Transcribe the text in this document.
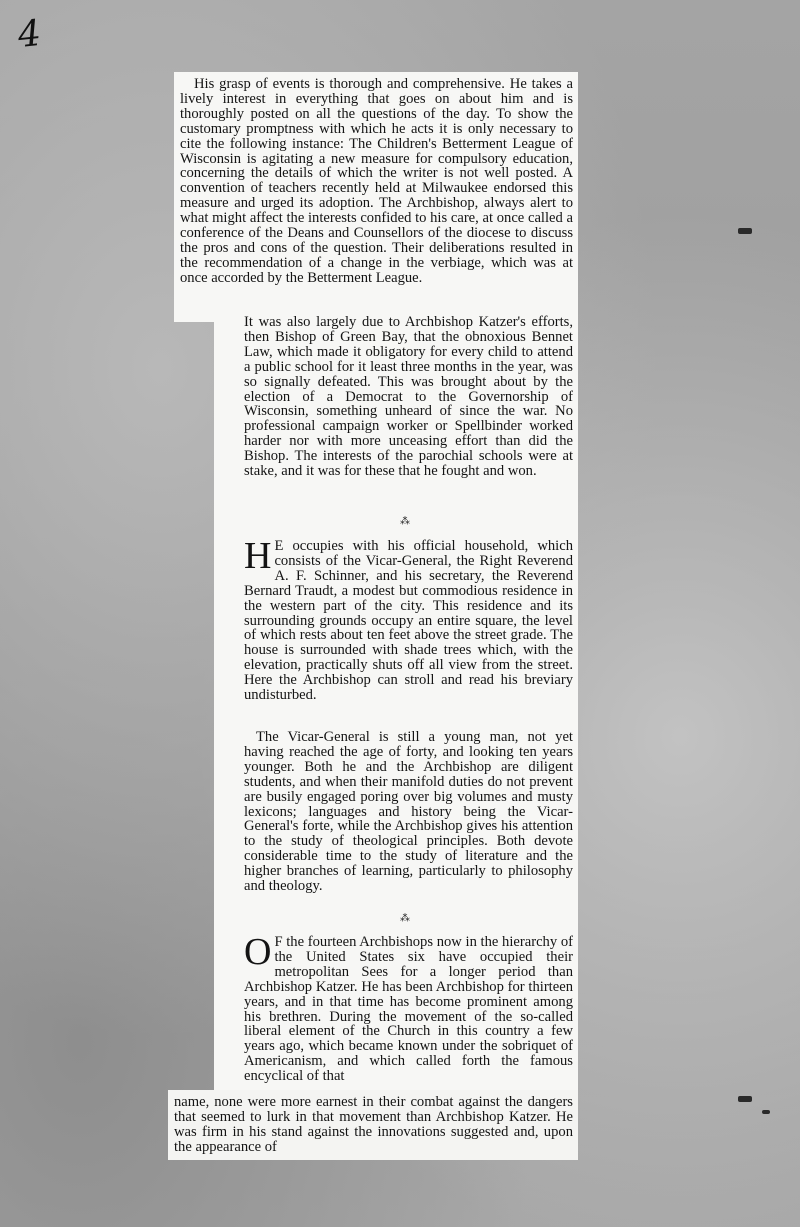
4

His grasp of events is thorough and comprehensive. He takes a lively interest in everything that goes on about him and is thoroughly posted on all the questions of the day. To show the customary promptness with which he acts it is only necessary to cite the following instance: The Children's Betterment League of Wisconsin is agitating a new measure for compulsory education, concerning the details of which the writer is not well posted. A convention of teachers recently held at Milwaukee endorsed this measure and urged its adoption. The Archbishop, always alert to what might affect the interests confided to his care, at once called a conference of the Deans and Counsellors of the diocese to discuss the pros and cons of the question. Their deliberations resulted in the recommendation of a change in the verbiage, which was at once accorded by the Betterment League.

It was also largely due to Archbishop Katzer's efforts, then Bishop of Green Bay, that the obnoxious Bennet Law, which made it obligatory for every child to attend a public school for it least three months in the year, was so signally defeated. This was brought about by the election of a Democrat to the Governorship of Wisconsin, something unheard of since the war. No professional campaign worker or Spellbinder worked harder nor with more unceasing effort than did the Bishop. The interests of the parochial schools were at stake, and it was for these that he fought and won.

⁂
H E occupies with his official household, which consists of the Vicar-General, the Right Reverend A. F. Schinner, and his secretary, the Reverend Bernard Traudt, a modest but commodious residence in the western part of the city. This residence and its surrounding grounds occupy an entire square, the level of which rests about ten feet above the street grade. The house is surrounded with shade trees which, with the elevation, practically shuts off all view from the street. Here the Archbishop can stroll and read his breviary undisturbed.

The Vicar-General is still a young man, not yet having reached the age of forty, and looking ten years younger. Both he and the Archbishop are diligent students, and when their manifold duties do not prevent are busily engaged poring over big volumes and musty lexicons; languages and history being the Vicar-General's forte, while the Archbishop gives his attention to the study of theological principles. Both devote considerable time to the study of literature and the higher branches of learning, particularly to philosophy and theology.

⁂
O F the fourteen Archbishops now in the hierarchy of the United States six have occupied their metropolitan Sees for a longer period than Archbishop Katzer. He has been Archbishop for thirteen years, and in that time has become prominent among his brethren. During the movement of the so-called liberal element of the Church in this country a few years ago, which became known under the sobriquet of Americanism, and which called forth the famous encyclical of that

name, none were more earnest in their combat against the dangers that seemed to lurk in that movement than Archbishop Katzer. He was firm in his stand against the innovations suggested and, upon the appearance of
